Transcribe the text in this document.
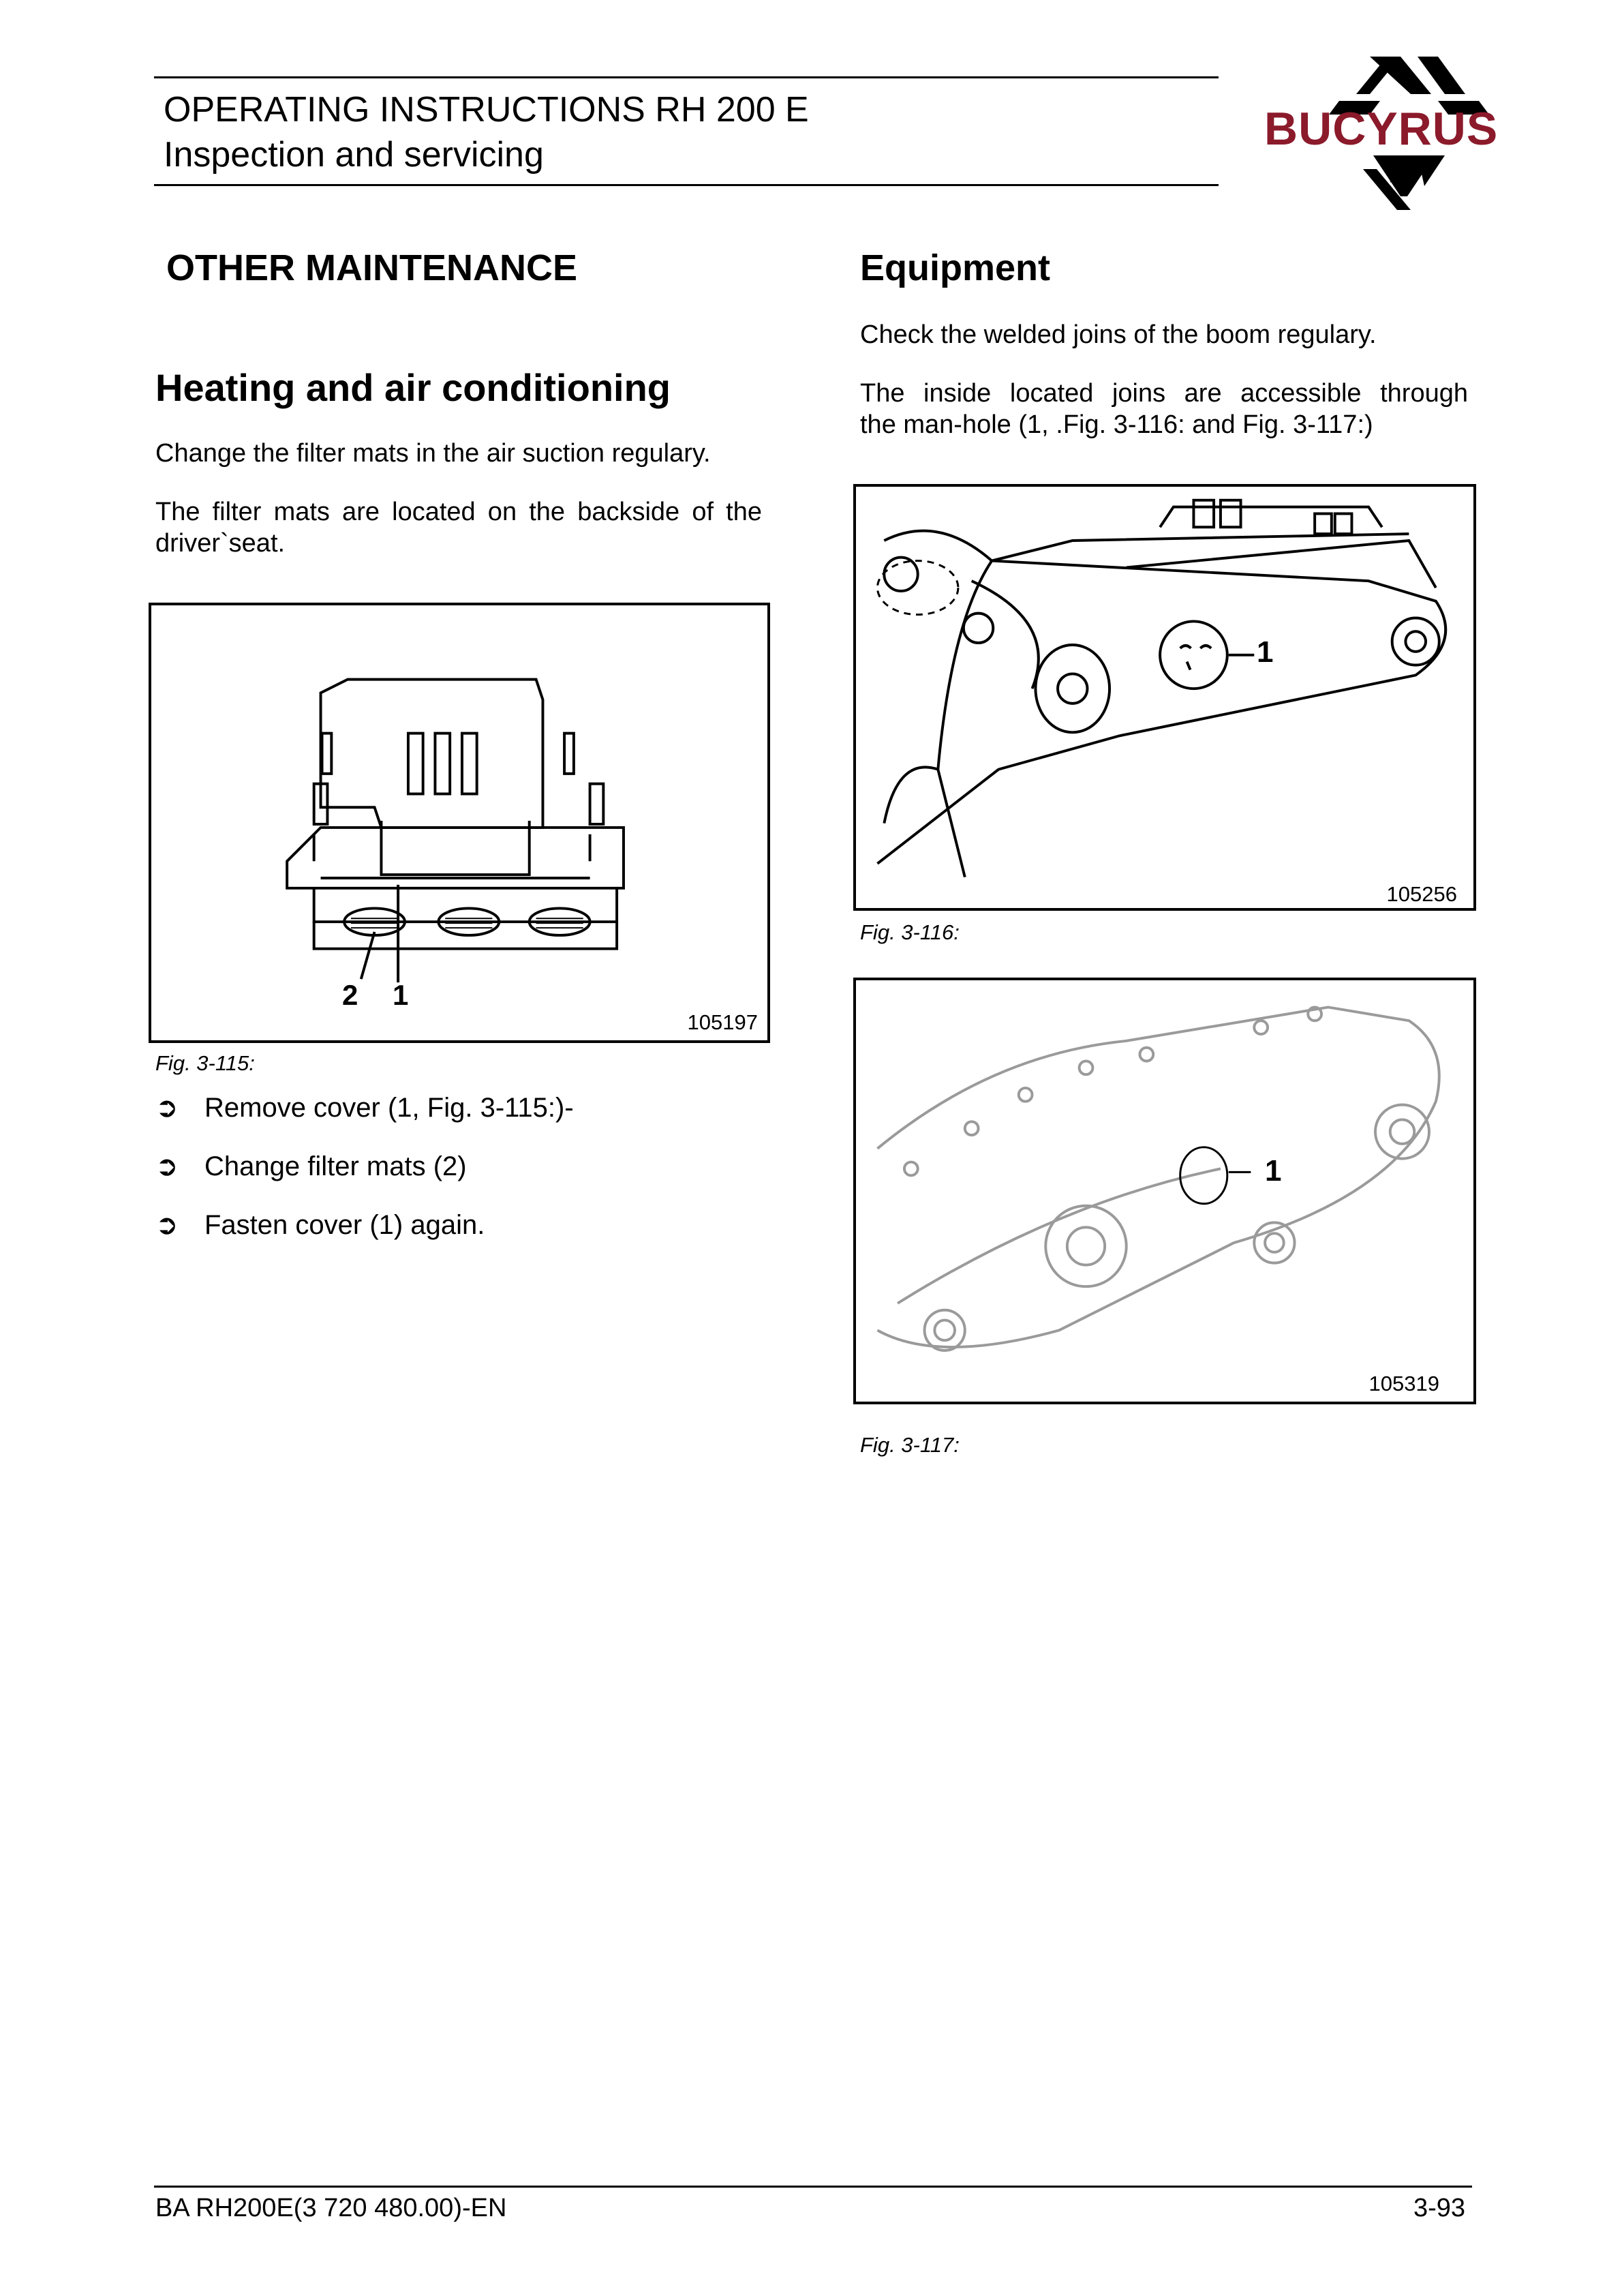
OPERATING INSTRUCTIONS RH 200 E
Inspection and servicing	BUCYRUS
OTHER MAINTENANCE
Heating and air conditioning
Change the filter mats in the air suction regulary.
The filter mats are located on the backside of the driver`seat.
2 1
105197
Fig. 3-115:
➲ Remove cover (1, Fig. 3-115:)-
➲ Change filter mats (2)
➲ Fasten cover (1) again.
Equipment
Check the welded joins of the boom regulary.
The inside located joins are accessible through
the man-hole (1, .Fig. 3-116: and Fig. 3-117:)
1
105256
Fig. 3-116:
1
105319
Fig. 3-117:
BA RH200E(3 720 480.00)-EN	3-93
